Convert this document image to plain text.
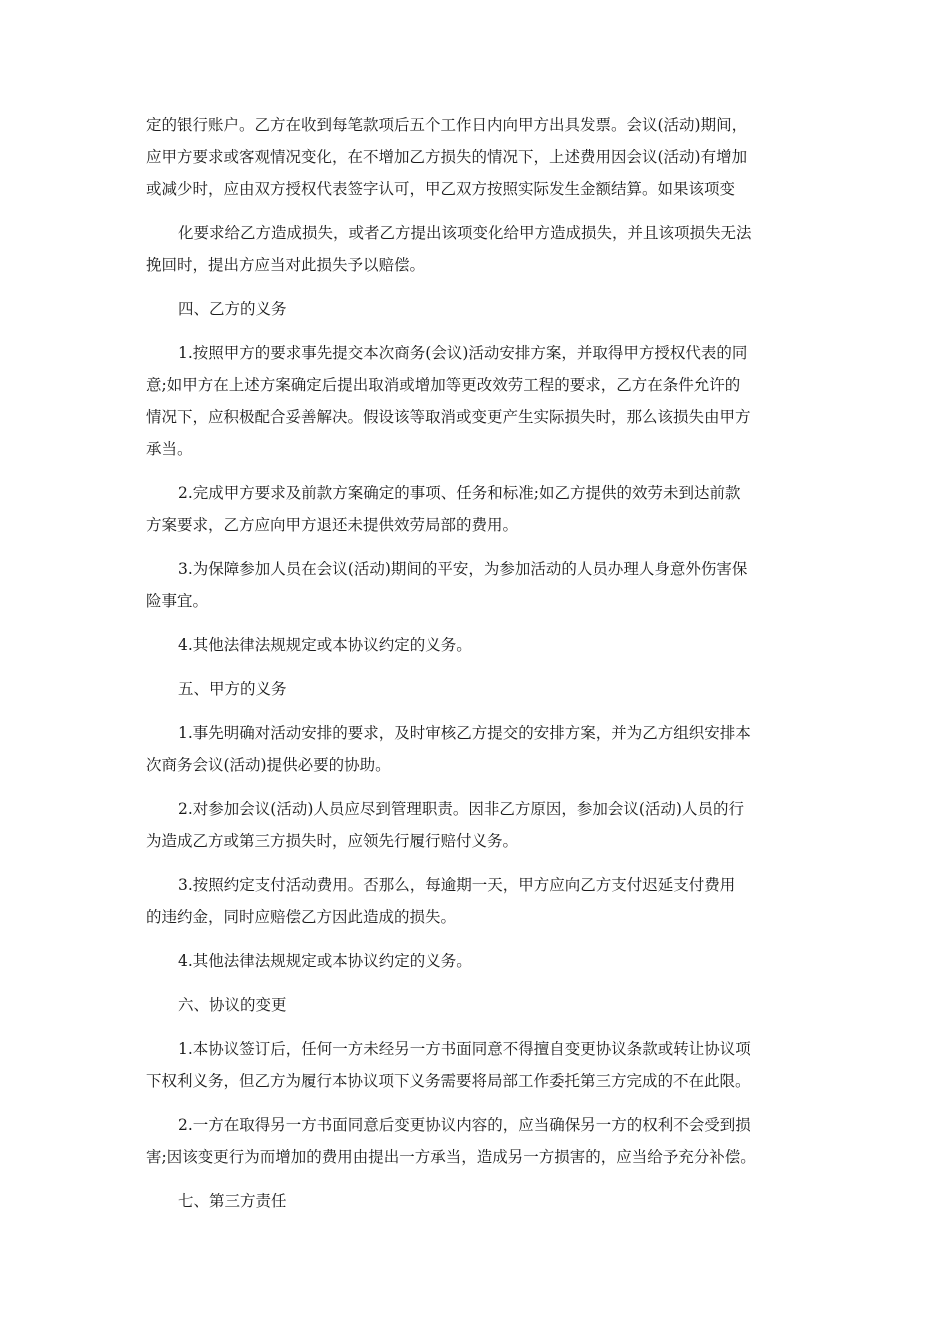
定的银行账户。乙方在收到每笔款项后五个工作日内向甲方出具发票。会议(活动)期间，

应甲方要求或客观情况变化，在不增加乙方损失的情况下，上述费用因会议(活动)有增加

或减少时，应由双方授权代表签字认可，甲乙双方按照实际发生金额结算。如果该项变

化要求给乙方造成损失，或者乙方提出该项变化给甲方造成损失，并且该项损失无法

挽回时，提出方应当对此损失予以赔偿。

四、乙方的义务

1.按照甲方的要求事先提交本次商务(会议)活动安排方案，并取得甲方授权代表的同

意;如甲方在上述方案确定后提出取消或增加等更改效劳工程的要求，乙方在条件允许的

情况下，应积极配合妥善解决。假设该等取消或变更产生实际损失时，那么该损失由甲方

承当。

2.完成甲方要求及前款方案确定的事项、任务和标准;如乙方提供的效劳未到达前款

方案要求，乙方应向甲方退还未提供效劳局部的费用。

3.为保障参加人员在会议(活动)期间的平安，为参加活动的人员办理人身意外伤害保

险事宜。

4.其他法律法规规定或本协议约定的义务。

五、甲方的义务

1.事先明确对活动安排的要求，及时审核乙方提交的安排方案，并为乙方组织安排本

次商务会议(活动)提供必要的协助。

2.对参加会议(活动)人员应尽到管理职责。因非乙方原因，参加会议(活动)人员的行

为造成乙方或第三方损失时，应领先行履行赔付义务。

3.按照约定支付活动费用。否那么，每逾期一天，甲方应向乙方支付迟延支付费用

的违约金，同时应赔偿乙方因此造成的损失。

4.其他法律法规规定或本协议约定的义务。

六、协议的变更

1.本协议签订后，任何一方未经另一方书面同意不得擅自变更协议条款或转让协议项

下权利义务，但乙方为履行本协议项下义务需要将局部工作委托第三方完成的不在此限。

2.一方在取得另一方书面同意后变更协议内容的，应当确保另一方的权利不会受到损

害;因该变更行为而增加的费用由提出一方承当，造成另一方损害的，应当给予充分补偿。

七、第三方责任
